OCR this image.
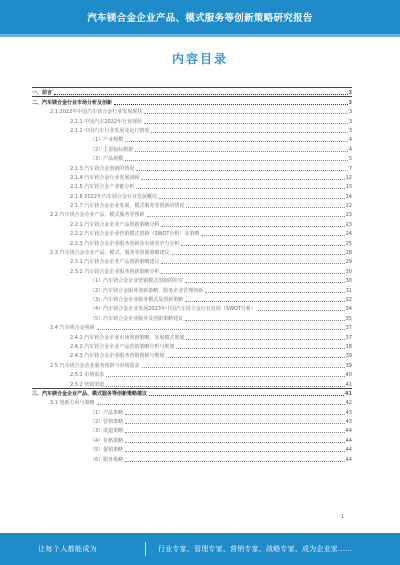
汽车镁合金企业产品、模式服务等创新策略研究报告
内容目录
一、前言	3
二、汽车镁合金行业市场分析及创新	3
2.1 2022年中国汽车镁合金行业发展现状	3
2.1.1 中国汽车2022年行业现状	3
2.1.2 中国汽车行业发展及运行情况	3
（1）产业规模	4
（2）主要指标数据	4
（3）产品规模	5
2.1.3 汽车镁合金创新的情况	7
2.1.4 汽车镁合金行业发展回顾	12
2.1.5 汽车镁合金产业链分析	13
2.1.6 2022年汽车镁合金行业发展概况	14
2.1.7 汽车镁合金企业发展、模式服务等创新的情况	22
2.2 汽车镁合金企业产品、模式服务等创新	23
2.2.1 汽车镁合金企业产品创新策略分析	23
2.2.2 汽车镁合金企业营销模式创新（SWOT分析）及策略	24
2.2.3 汽车镁合金企业服务创新及市场竞争力分析	25
2.3 汽车镁合金企业产品、模式、服务等创新策略建议	28
2.3.1 汽车镁合金企业产品创新策略建议	29
2.3.2 汽车镁合金企业服务创新策略分析	30
（1）汽车镁合金企业营销模式创新的应对	30
（2）汽车镁合金服务创新策略、服务企业管理创新	31
（3）汽车镁合金企业服务模式及创新策略	32
（4）汽车镁合金企业发展2023年中国汽车镁合金行业发展（SWOT分析）	34
（5）汽车镁合金企业服务及创新策略建议	35
2.4 汽车镁合金创新	37
2.4.1 汽车镁合金企业市场创新策略、发展模式规划	37
2.4.2 汽车镁合金企业产品营销策略分析与规划	38
2.4.3 汽车镁合金企业服务营销创新与规划	39
2.5 汽车镁合金企业服务创新与市场需求	39
2.5.1 市场需求	40
2.5.2 营销渠道	41
三、汽车镁合金企业产品、模式服务等创新策略建议	41
3.1 创新方向与策略	42
（1）产品策略	43
（2）营销策略	43
（3）渠道策略	44
（4）价格策略	44
（5）促销策略	44
（6）服务策略	44
1
让每个人都能成为	行业专家、管理专家、营销专家、战略专家、成为企业家……
